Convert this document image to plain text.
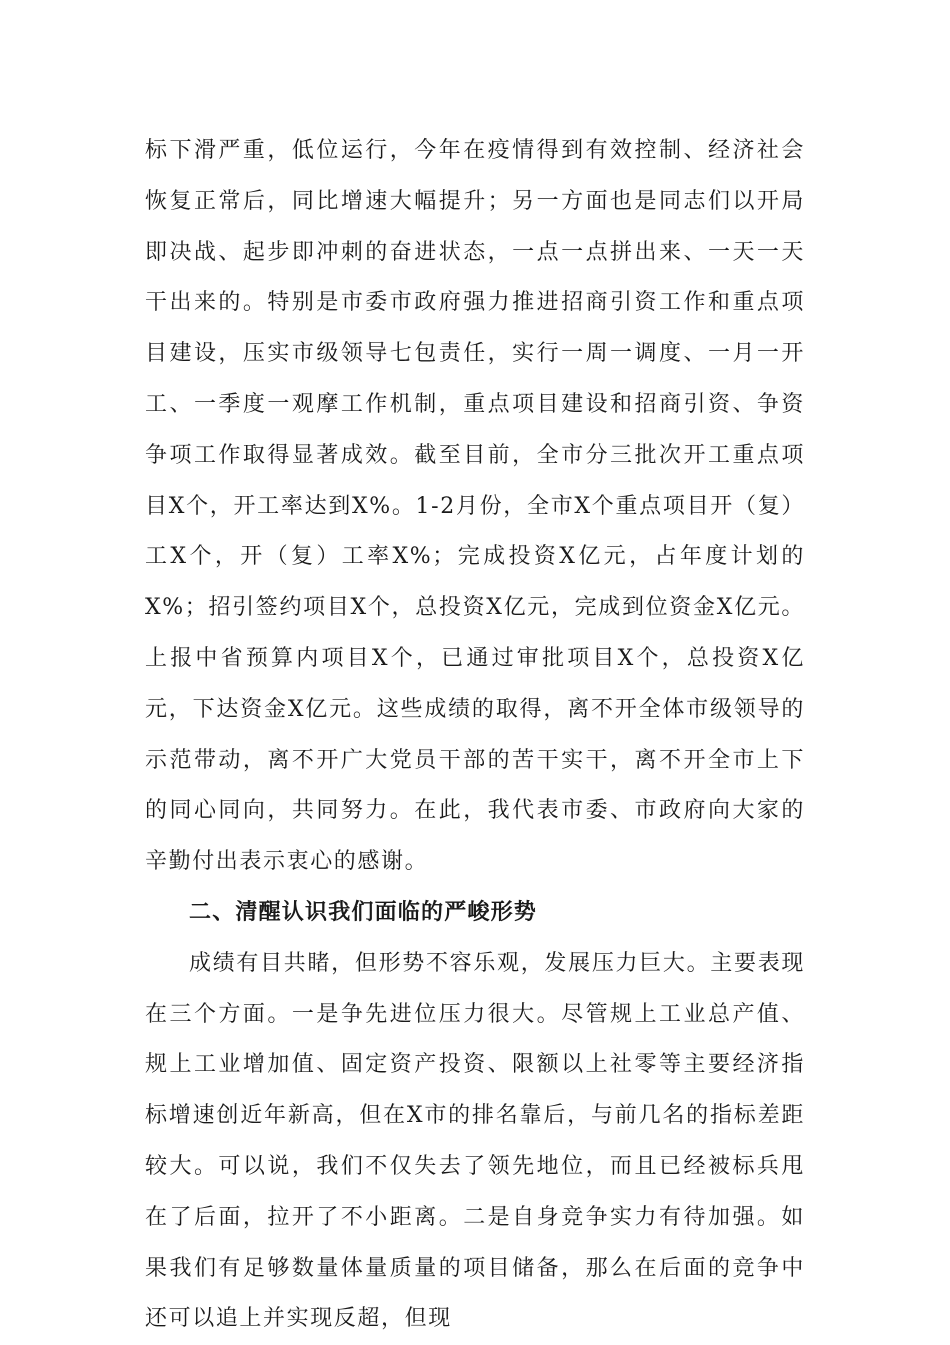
标下滑严重，低位运行，今年在疫情得到有效控制、经济社会恢复正常后，同比增速大幅提升；另一方面也是同志们以开局即决战、起步即冲刺的奋进状态，一点一点拼出来、一天一天干出来的。特别是市委市政府强力推进招商引资工作和重点项目建设，压实市级领导七包责任，实行一周一调度、一月一开工、一季度一观摩工作机制，重点项目建设和招商引资、争资争项工作取得显著成效。截至目前，全市分三批次开工重点项目X个，开工率达到X%。1-2月份，全市X个重点项目开（复）工X个，开（复）工率X%；完成投资X亿元，占年度计划的X%；招引签约项目X个，总投资X亿元，完成到位资金X亿元。上报中省预算内项目X个，已通过审批项目X个，总投资X亿元，下达资金X亿元。这些成绩的取得，离不开全体市级领导的示范带动，离不开广大党员干部的苦干实干，离不开全市上下的同心同向，共同努力。在此，我代表市委、市政府向大家的辛勤付出表示衷心的感谢。

二、清醒认识我们面临的严峻形势

成绩有目共睹，但形势不容乐观，发展压力巨大。主要表现在三个方面。一是争先进位压力很大。尽管规上工业总产值、规上工业增加值、固定资产投资、限额以上社零等主要经济指标增速创近年新高，但在X市的排名靠后，与前几名的指标差距较大。可以说，我们不仅失去了领先地位，而且已经被标兵甩在了后面，拉开了不小距离。二是自身竞争实力有待加强。如果我们有足够数量体量质量的项目储备，那么在后面的竞争中还可以追上并实现反超，但现
